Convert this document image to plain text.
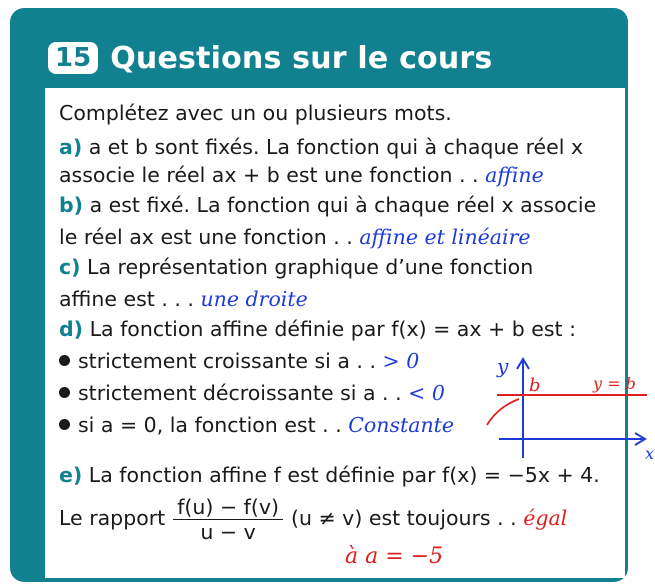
15 Questions sur le cours
Complétez avec un ou plusieurs mots.
a) a et b sont fixés. La fonction qui à chaque réel x
associe le réel ax + b est une fonction . . affine
b) a est fixé. La fonction qui à chaque réel x associe
le réel ax est une fonction . . affine et linéaire
c) La représentation graphique d’une fonction
affine est . . . une droite
d) La fonction affine définie par f(x) = ax + b est :
strictement croissante si a . . > 0
strictement décroissante si a . . < 0
si a = 0, la fonction est . . Constante
y
x
b	y = b
e) La fonction affine f est définie par f(x) = −5x + 4.
Le rapport $\frac{f(u) - f(v)}{u - v} (u \ne v)$ est toujours . . égal
à a = −5
